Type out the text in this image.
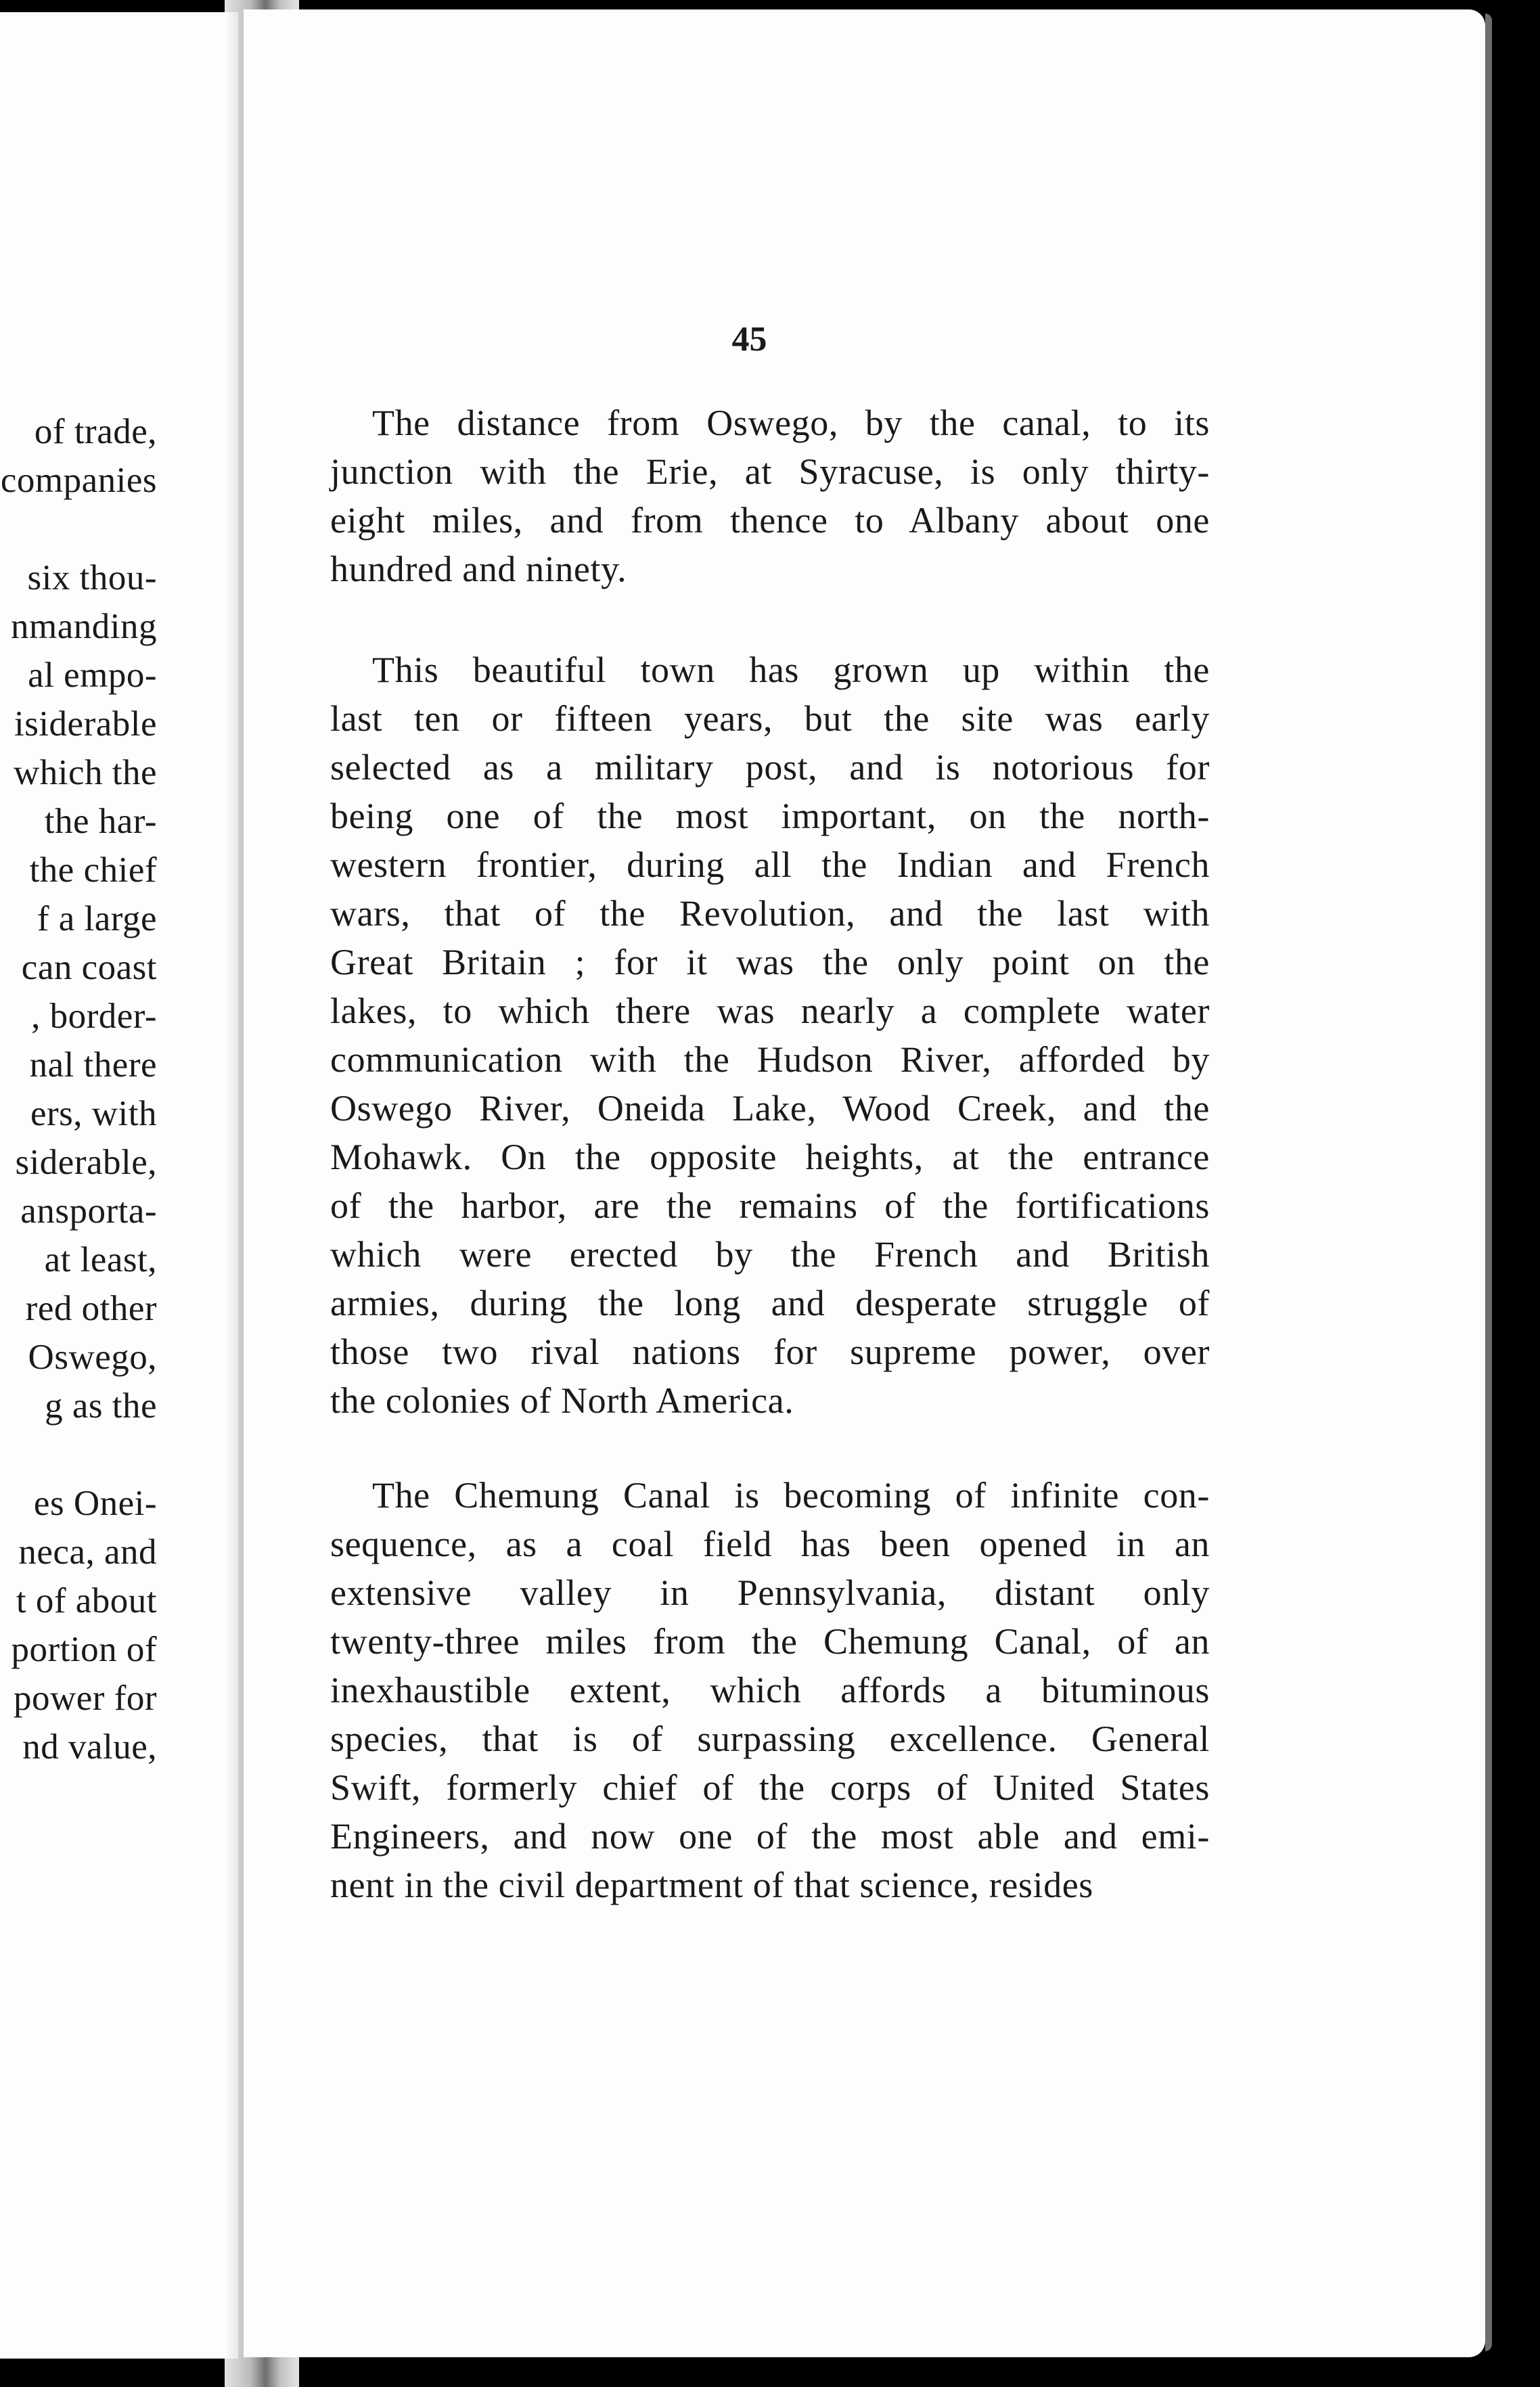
of trade,
companies
six thou-
nmanding
al empo-
isiderable
which the
the har-
the chief
f a large
can coast
, border-
nal there
ers, with
siderable,
ansporta-
at least,
red other
Oswego,
g as the
es Onei-
neca, and
t of about
portion of
power for
nd value,
45
The distance from Oswego, by the canal, to its
junction with the Erie, at Syracuse, is only thirty-
eight miles, and from thence to Albany about one
hundred and ninety.
This beautiful town has grown up within the
last ten or fifteen years, but the site was early
selected as a military post, and is notorious for
being one of the most important, on the north-
western frontier, during all the Indian and French
wars, that of the Revolution, and the last with
Great Britain ; for it was the only point on the
lakes, to which there was nearly a complete water
communication with the Hudson River, afforded by
Oswego River, Oneida Lake, Wood Creek, and the
Mohawk. On the opposite heights, at the entrance
of the harbor, are the remains of the fortifications
which were erected by the French and British
armies, during the long and desperate struggle of
those two rival nations for supreme power, over
the colonies of North America.
The Chemung Canal is becoming of infinite con-
sequence, as a coal field has been opened in an
extensive valley in Pennsylvania, distant only
twenty-three miles from the Chemung Canal, of an
inexhaustible extent, which affords a bituminous
species, that is of surpassing excellence. General
Swift, formerly chief of the corps of United States
Engineers, and now one of the most able and emi-
nent in the civil department of that science, resides
